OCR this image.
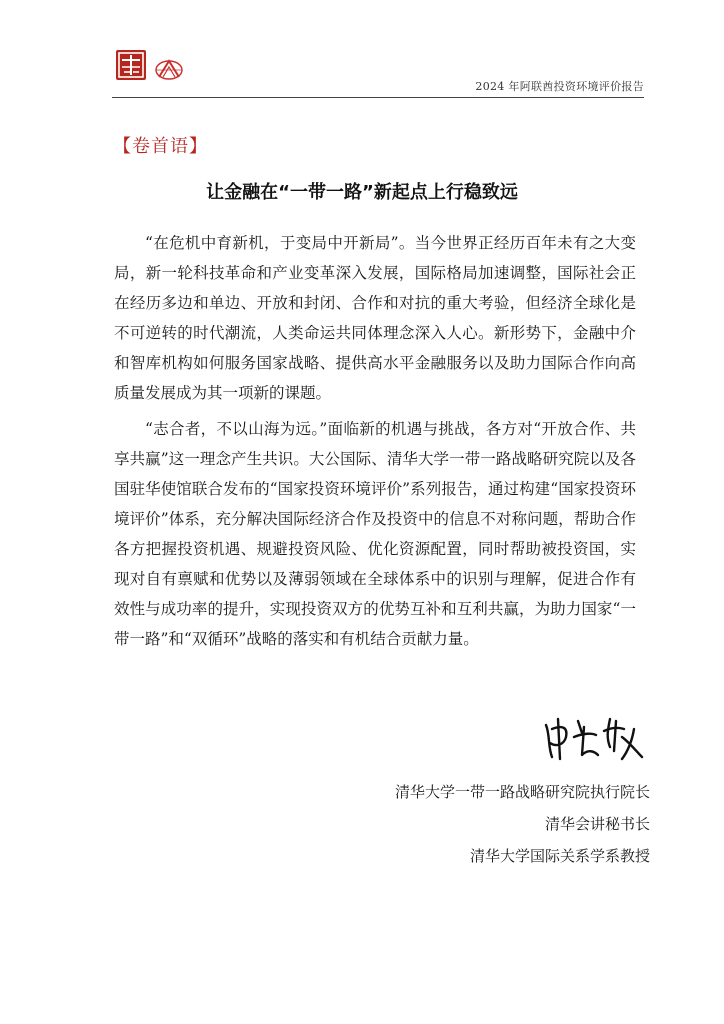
2024 年阿联酋投资环境评价报告
【卷首语】
让金融在“一带一路”新起点上行稳致远

“在危机中育新机，于变局中开新局”。当今世界正经历百年未有之大变局，新一轮科技革命和产业变革深入发展，国际格局加速调整，国际社会正在经历多边和单边、开放和封闭、合作和对抗的重大考验，但经济全球化是不可逆转的时代潮流，人类命运共同体理念深入人心。新形势下，金融中介和智库机构如何服务国家战略、提供高水平金融服务以及助力国际合作向高质量发展成为其一项新的课题。

“志合者，不以山海为远。”面临新的机遇与挑战，各方对“开放合作、共享共赢”这一理念产生共识。大公国际、清华大学一带一路战略研究院以及各国驻华使馆联合发布的“国家投资环境评价”系列报告，通过构建“国家投资环境评价”体系，充分解决国际经济合作及投资中的信息不对称问题，帮助合作各方把握投资机遇、规避投资风险、优化资源配置，同时帮助被投资国，实现对自有禀赋和优势以及薄弱领域在全球体系中的识别与理解，促进合作有效性与成功率的提升，实现投资双方的优势互补和互利共赢，为助力国家“一带一路”和“双循环”战略的落实和有机结合贡献力量。

清华大学一带一路战略研究院执行院长
清华会讲秘书长
清华大学国际关系学系教授
